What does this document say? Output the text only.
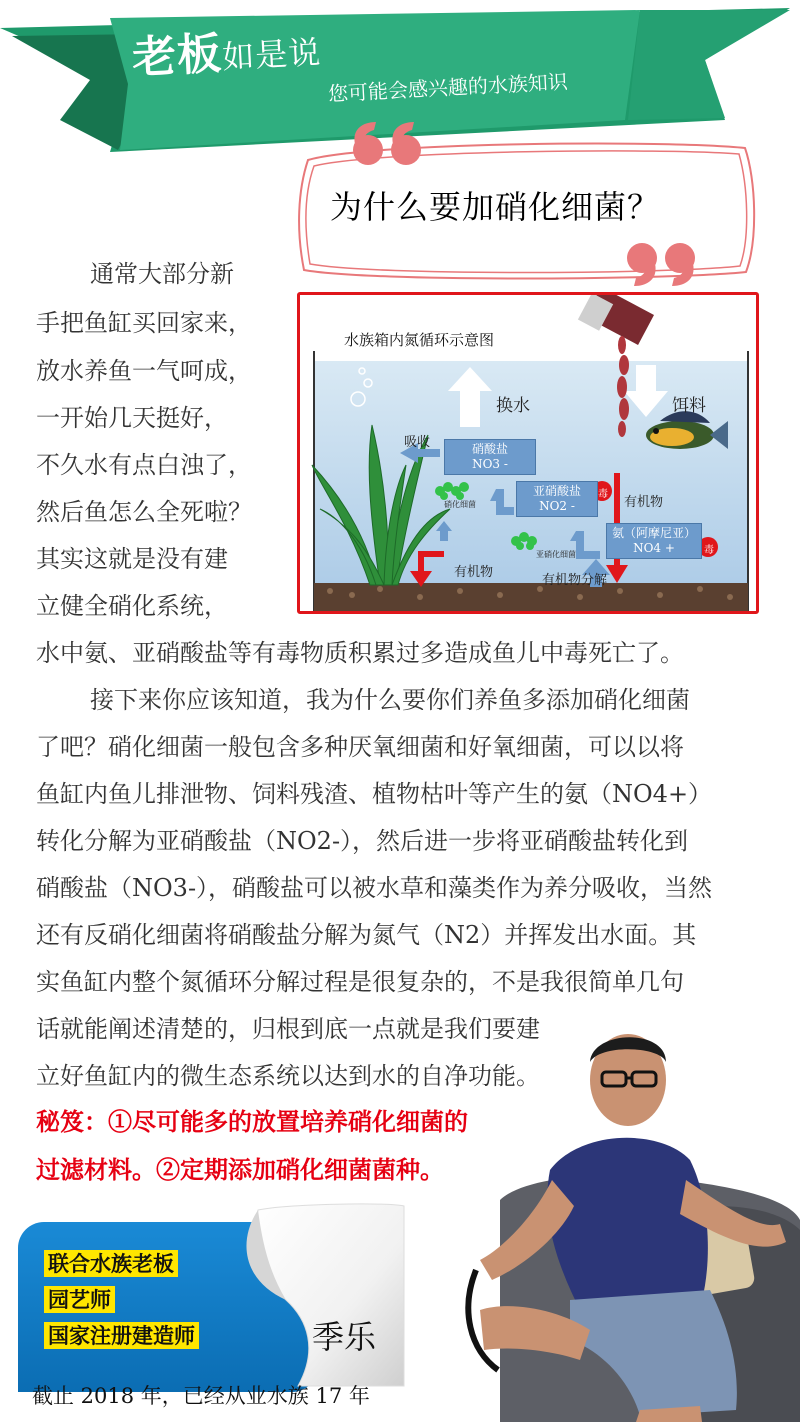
老板如是说
您可能会感兴趣的水族知识
为什么要加硝化细菌？
通常大部分新
手把鱼缸买回家来，
放水养鱼一气呵成，
一开始几天挺好，
不久水有点白浊了，
然后鱼怎么全死啦？
其实这就是没有建
立健全硝化系统，
水中氨、亚硝酸盐等有毒物质积累过多造成鱼儿中毒死亡了。
水族箱内氮循环示意图
换水	饵料
吸收	硝酸盐
NO3 -
亚硝酸盐
NO2 -
氨（阿摩尼亚）
NO4 +
有机物
有机物
有机物分解
硝化细菌
亚硝化细菌
毒
毒
接下来你应该知道，我为什么要你们养鱼多添加硝化细菌
了吧？硝化细菌一般包含多种厌氧细菌和好氧细菌，可以以将
鱼缸内鱼儿排泄物、饲料残渣、植物枯叶等产生的氨（NO4+）
转化分解为亚硝酸盐（NO2-），然后进一步将亚硝酸盐转化到
硝酸盐（NO3-），硝酸盐可以被水草和藻类作为养分吸收，当然
还有反硝化细菌将硝酸盐分解为氮气（N2）并挥发出水面。其
实鱼缸内整个氮循环分解过程是很复杂的，不是我很简单几句
话就能阐述清楚的，归根到底一点就是我们要建
立好鱼缸内的微生态系统以达到水的自净功能。
秘笈：①尽可能多的放置培养硝化细菌的
过滤材料。②定期添加硝化细菌菌种。
联合水族老板
园艺师
国家注册建造师	季乐
截止 2018 年，已经从业水族 17 年
